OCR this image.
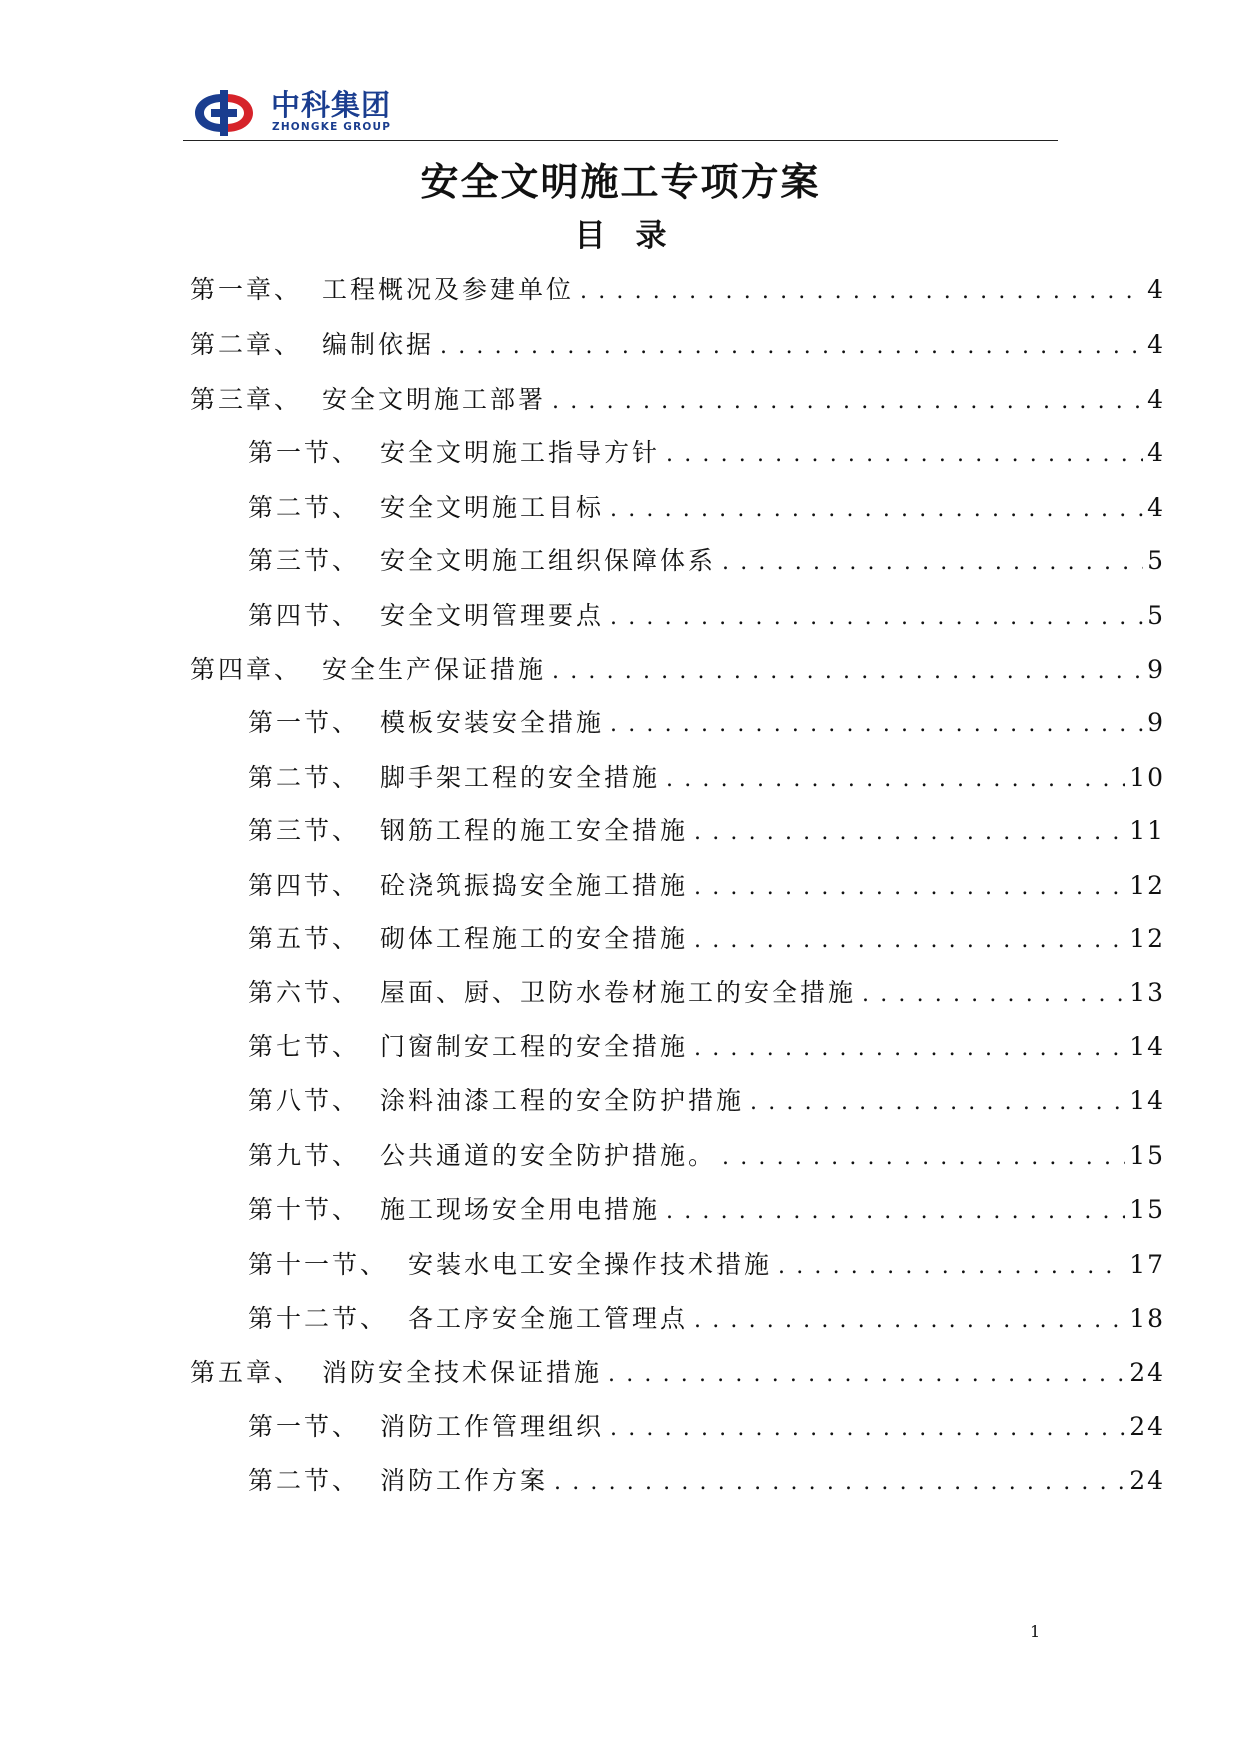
中科集团
ZHONGKE GROUP
安全文明施工专项方案
目录
第一章、 工程概况及参建单位 . . .	4
第二章、 编制依据 . . .	4
第三章、 安全文明施工部署 . . .	4
第一节、 安全文明施工指导方针 . . .	4
第二节、 安全文明施工目标 . . .	4
第三节、 安全文明施工组织保障体系 . . .	5
第四节、 安全文明管理要点 . . .	5
第四章、 安全生产保证措施 . . .	9
第一节、 模板安装安全措施 . . .	9
第二节、 脚手架工程的安全措施 . . .	10
第三节、 钢筋工程的施工安全措施 . . .	11
第四节、 砼浇筑振捣安全施工措施 . . .	12
第五节、 砌体工程施工的安全措施 . . .	12
第六节、 屋面、厨、卫防水卷材施工的安全措施 . . .	13
第七节、 门窗制安工程的安全措施 . . .	14
第八节、 涂料油漆工程的安全防护措施 . . .	14
第九节、 公共通道的安全防护措施。 . . .	15
第十节、 施工现场安全用电措施 . . .	15
第十一节、 安装水电工安全操作技术措施 . . .	17
第十二节、 各工序安全施工管理点 . . .	18
第五章、 消防安全技术保证措施 . . .	24
第一节、 消防工作管理组织 . . .	24
第二节、 消防工作方案 . . .	24
1
